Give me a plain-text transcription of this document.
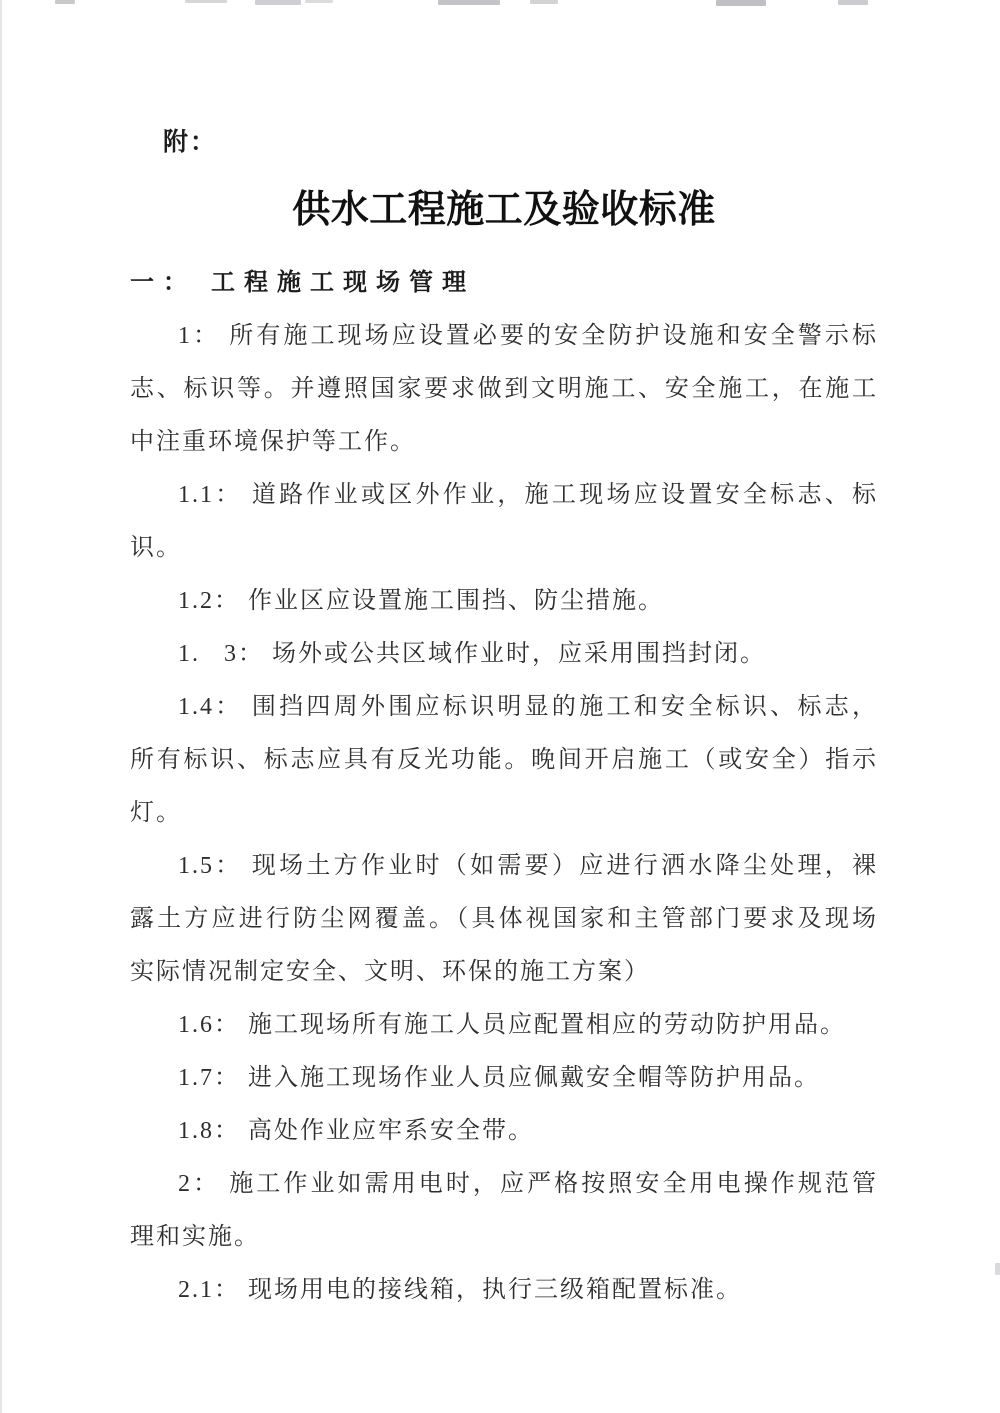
附：
供水工程施工及验收标准
一： 工程施工现场管理
1： 所有施工现场应设置必要的安全防护设施和安全警示标
志、标识等。并遵照国家要求做到文明施工、安全施工，在施工
中注重环境保护等工作。
1.1： 道路作业或区外作业，施工现场应设置安全标志、标
识。
1.2： 作业区应设置施工围挡、防尘措施。
1.   3： 场外或公共区域作业时，应采用围挡封闭。
1.4： 围挡四周外围应标识明显的施工和安全标识、标志，
所有标识、标志应具有反光功能。晚间开启施工（或安全）指示
灯。
1.5： 现场土方作业时（如需要）应进行洒水降尘处理，裸
露土方应进行防尘网覆盖。（具体视国家和主管部门要求及现场
实际情况制定安全、文明、环保的施工方案）
1.6： 施工现场所有施工人员应配置相应的劳动防护用品。
1.7： 进入施工现场作业人员应佩戴安全帽等防护用品。
1.8： 高处作业应牢系安全带。
2： 施工作业如需用电时，应严格按照安全用电操作规范管
理和实施。
2.1： 现场用电的接线箱，执行三级箱配置标准。
